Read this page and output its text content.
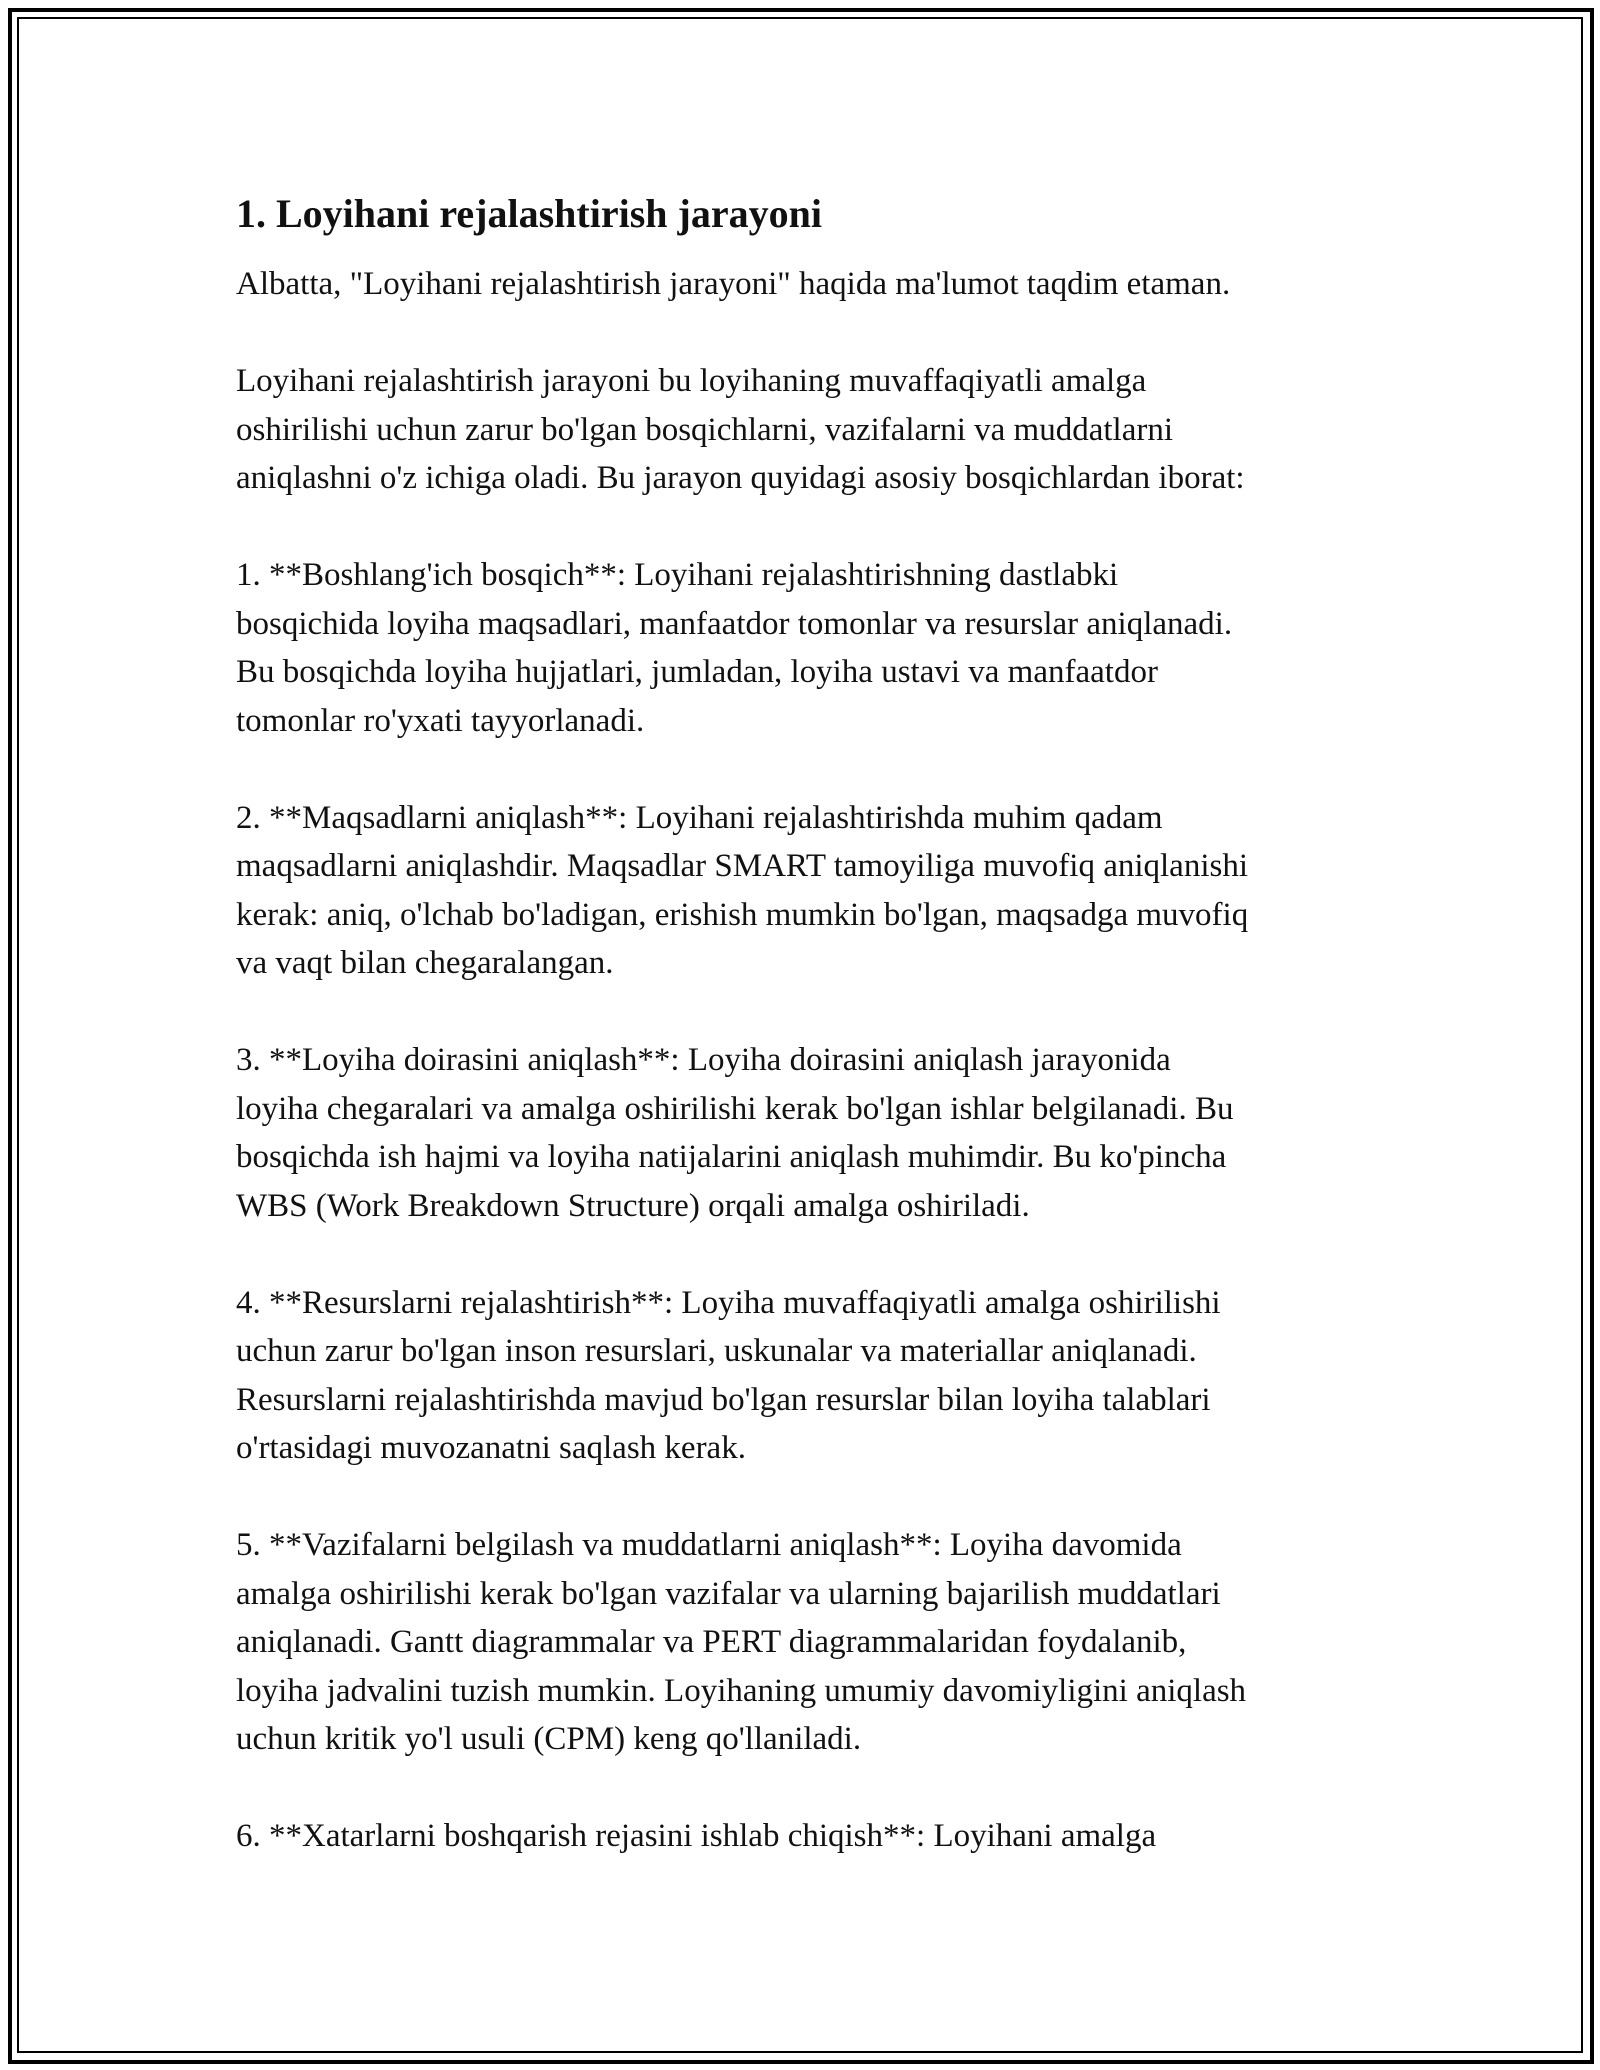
1. Loyihani rejalashtirish jarayoni

Albatta, "Loyihani rejalashtirish jarayoni" haqida ma'lumot taqdim etaman.

Loyihani rejalashtirish jarayoni bu loyihaning muvaffaqiyatli amalga
oshirilishi uchun zarur bo'lgan bosqichlarni, vazifalarni va muddatlarni
aniqlashni o'z ichiga oladi. Bu jarayon quyidagi asosiy bosqichlardan iborat:

1. **Boshlang'ich bosqich**: Loyihani rejalashtirishning dastlabki
bosqichida loyiha maqsadlari, manfaatdor tomonlar va resurslar aniqlanadi.
Bu bosqichda loyiha hujjatlari, jumladan, loyiha ustavi va manfaatdor
tomonlar ro'yxati tayyorlanadi.

2. **Maqsadlarni aniqlash**: Loyihani rejalashtirishda muhim qadam
maqsadlarni aniqlashdir. Maqsadlar SMART tamoyiliga muvofiq aniqlanishi
kerak: aniq, o'lchab bo'ladigan, erishish mumkin bo'lgan, maqsadga muvofiq
va vaqt bilan chegaralangan.

3. **Loyiha doirasini aniqlash**: Loyiha doirasini aniqlash jarayonida
loyiha chegaralari va amalga oshirilishi kerak bo'lgan ishlar belgilanadi. Bu
bosqichda ish hajmi va loyiha natijalarini aniqlash muhimdir. Bu ko'pincha
WBS (Work Breakdown Structure) orqali amalga oshiriladi.

4. **Resurslarni rejalashtirish**: Loyiha muvaffaqiyatli amalga oshirilishi
uchun zarur bo'lgan inson resurslari, uskunalar va materiallar aniqlanadi.
Resurslarni rejalashtirishda mavjud bo'lgan resurslar bilan loyiha talablari
o'rtasidagi muvozanatni saqlash kerak.

5. **Vazifalarni belgilash va muddatlarni aniqlash**: Loyiha davomida
amalga oshirilishi kerak bo'lgan vazifalar va ularning bajarilish muddatlari
aniqlanadi. Gantt diagrammalar va PERT diagrammalaridan foydalanib,
loyiha jadvalini tuzish mumkin. Loyihaning umumiy davomiyligini aniqlash
uchun kritik yo'l usuli (CPM) keng qo'llaniladi.

6. **Xatarlarni boshqarish rejasini ishlab chiqish**: Loyihani amalga
